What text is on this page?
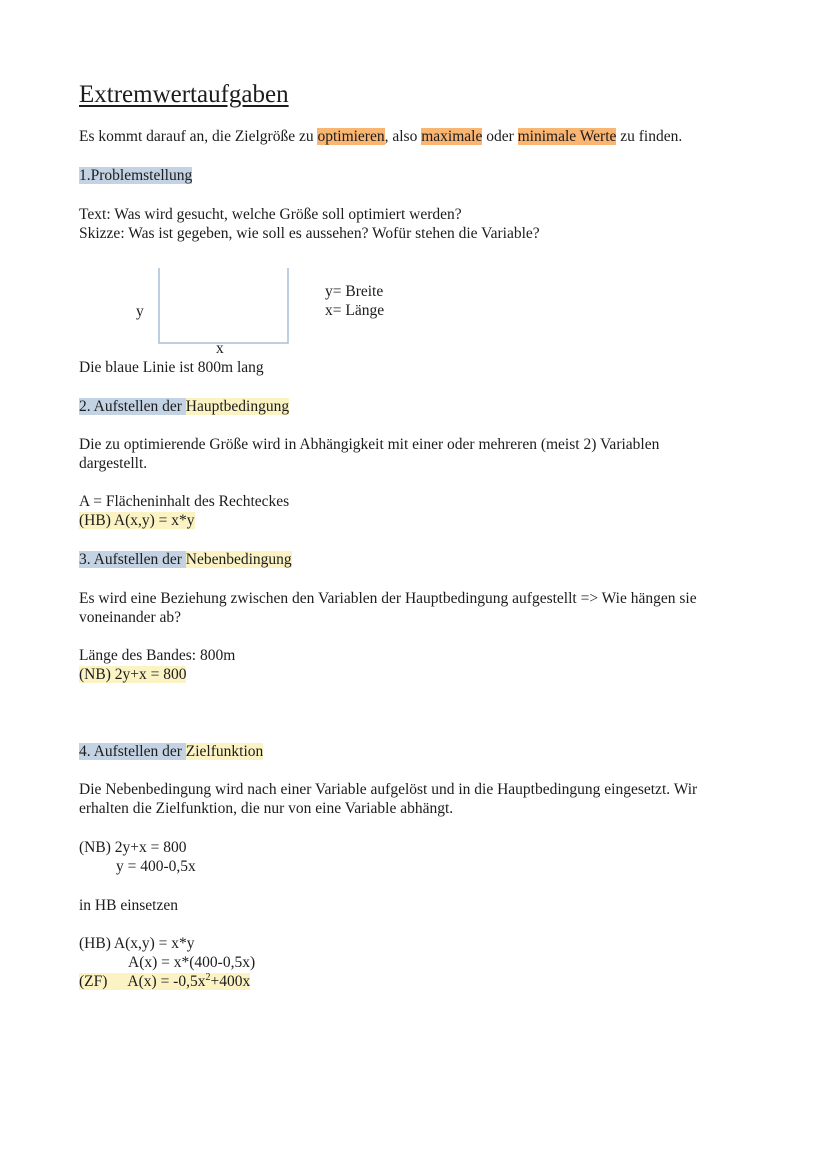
Extremwertaufgaben
Es kommt darauf an, die Zielgröße zu optimieren, also maximale oder minimale Werte zu finden.
1.Problemstellung
Text: Was wird gesucht, welche Größe soll optimiert werden?
Skizze: Was ist gegeben, wie soll es aussehen? Wofür stehen die Variable?
y
x
y= Breite
x= Länge
Die blaue Linie ist 800m lang
2. Aufstellen der Hauptbedingung
Die zu optimierende Größe wird in Abhängigkeit mit einer oder mehreren (meist 2) Variablen
dargestellt.
A = Flächeninhalt des Rechteckes
(HB) A(x,y) = x*y
3. Aufstellen der Nebenbedingung
Es wird eine Beziehung zwischen den Variablen der Hauptbedingung aufgestellt => Wie hängen sie
voneinander ab?
Länge des Bandes: 800m
(NB) 2y+x = 800
4. Aufstellen der Zielfunktion
Die Nebenbedingung wird nach einer Variable aufgelöst und in die Hauptbedingung eingesetzt. Wir
erhalten die Zielfunktion, die nur von eine Variable abhängt.
(NB) 2y+x = 800
y = 400-0,5x
in HB einsetzen
(HB) A(x,y) = x*y
A(x) = x*(400-0,5x)
(ZF) $A(x) = -0,5x^2+400x$
